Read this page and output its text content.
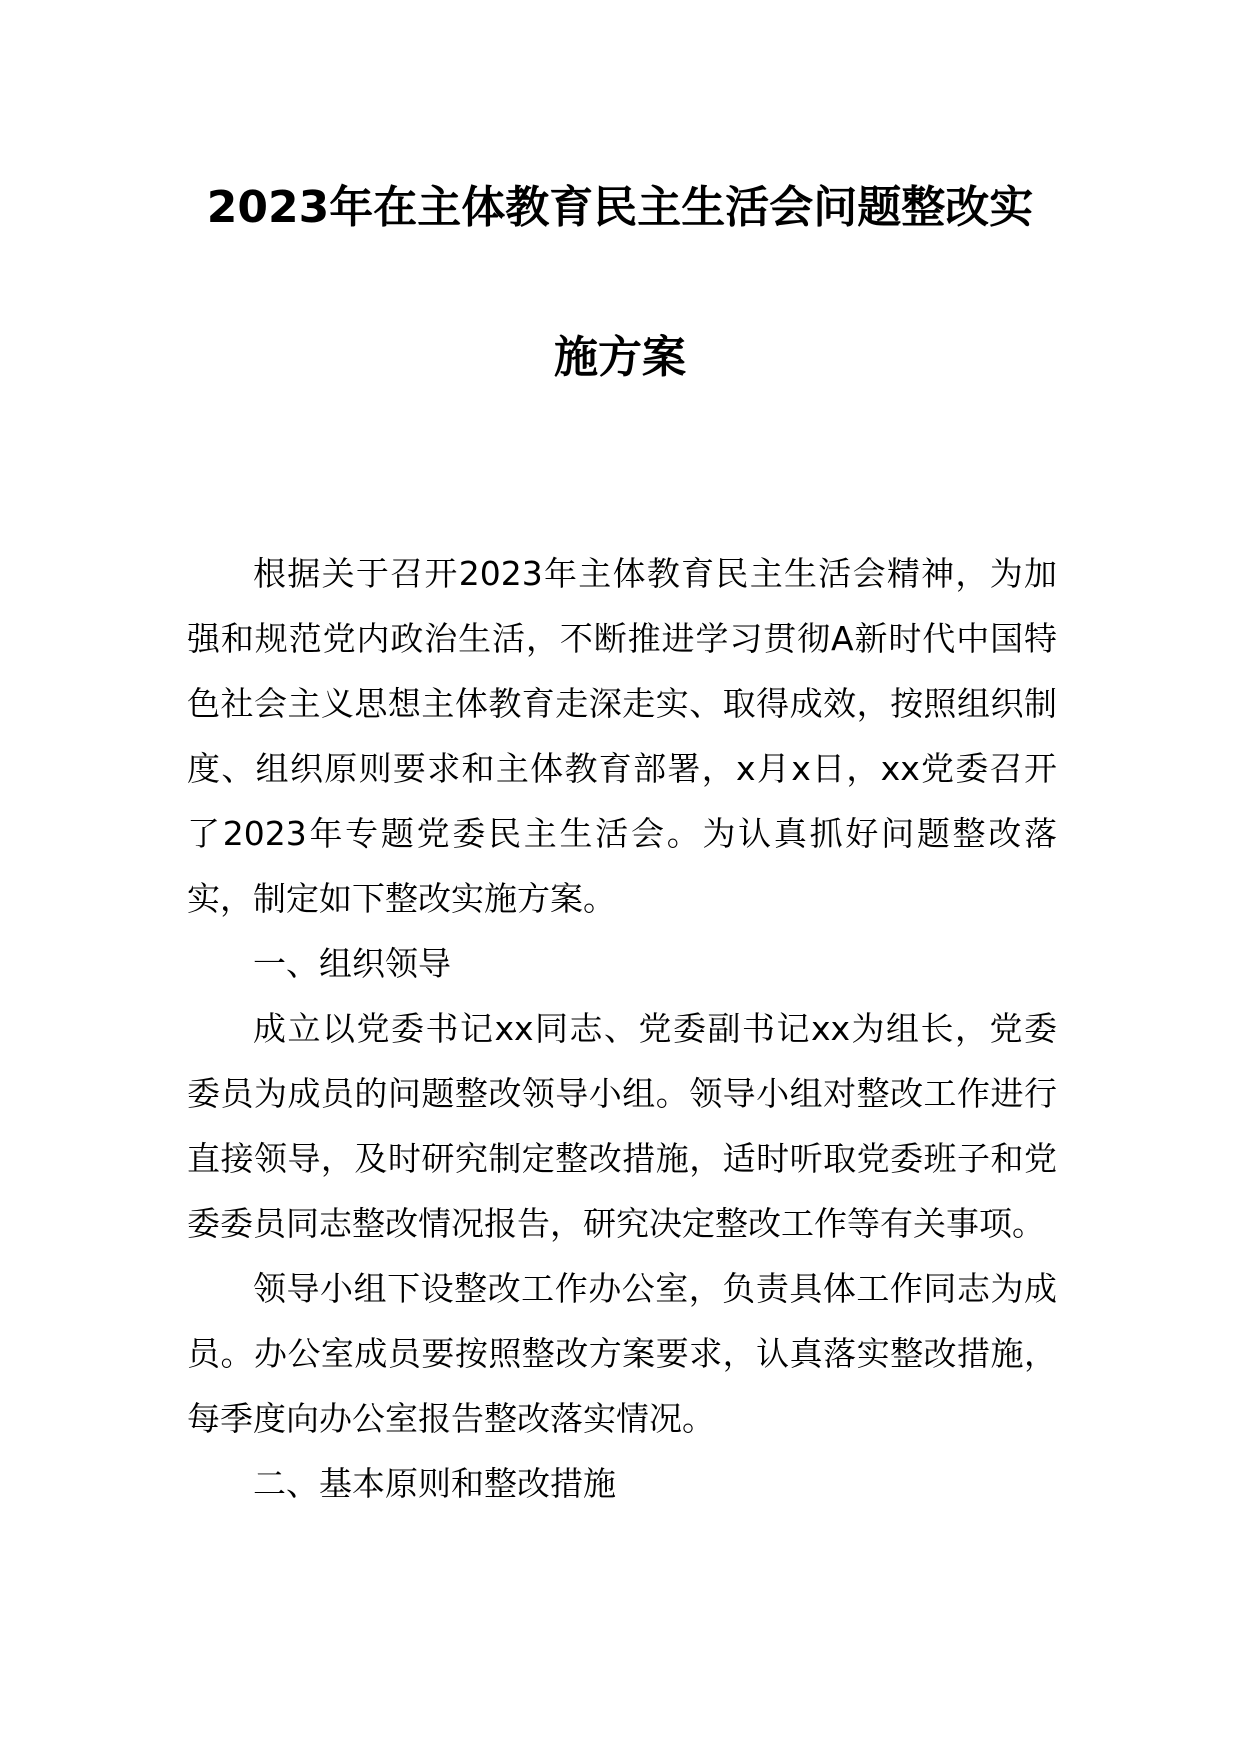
2023年在主体教育民主生活会问题整改实
施方案

根据关于召开2023年主体教育民主生活会精神，为加强和规范党内政治生活，不断推进学习贯彻A新时代中国特色社会主义思想主体教育走深走实、取得成效，按照组织制度、组织原则要求和主体教育部署，x月x日，xx党委召开了2023年专题党委民主生活会。为认真抓好问题整改落实，制定如下整改实施方案。

一、组织领导

成立以党委书记xx同志、党委副书记xx为组长，党委委员为成员的问题整改领导小组。领导小组对整改工作进行直接领导，及时研究制定整改措施，适时听取党委班子和党委委员同志整改情况报告，研究决定整改工作等有关事项。

领导小组下设整改工作办公室，负责具体工作同志为成员。办公室成员要按照整改方案要求，认真落实整改措施，每季度向办公室报告整改落实情况。

二、基本原则和整改措施
